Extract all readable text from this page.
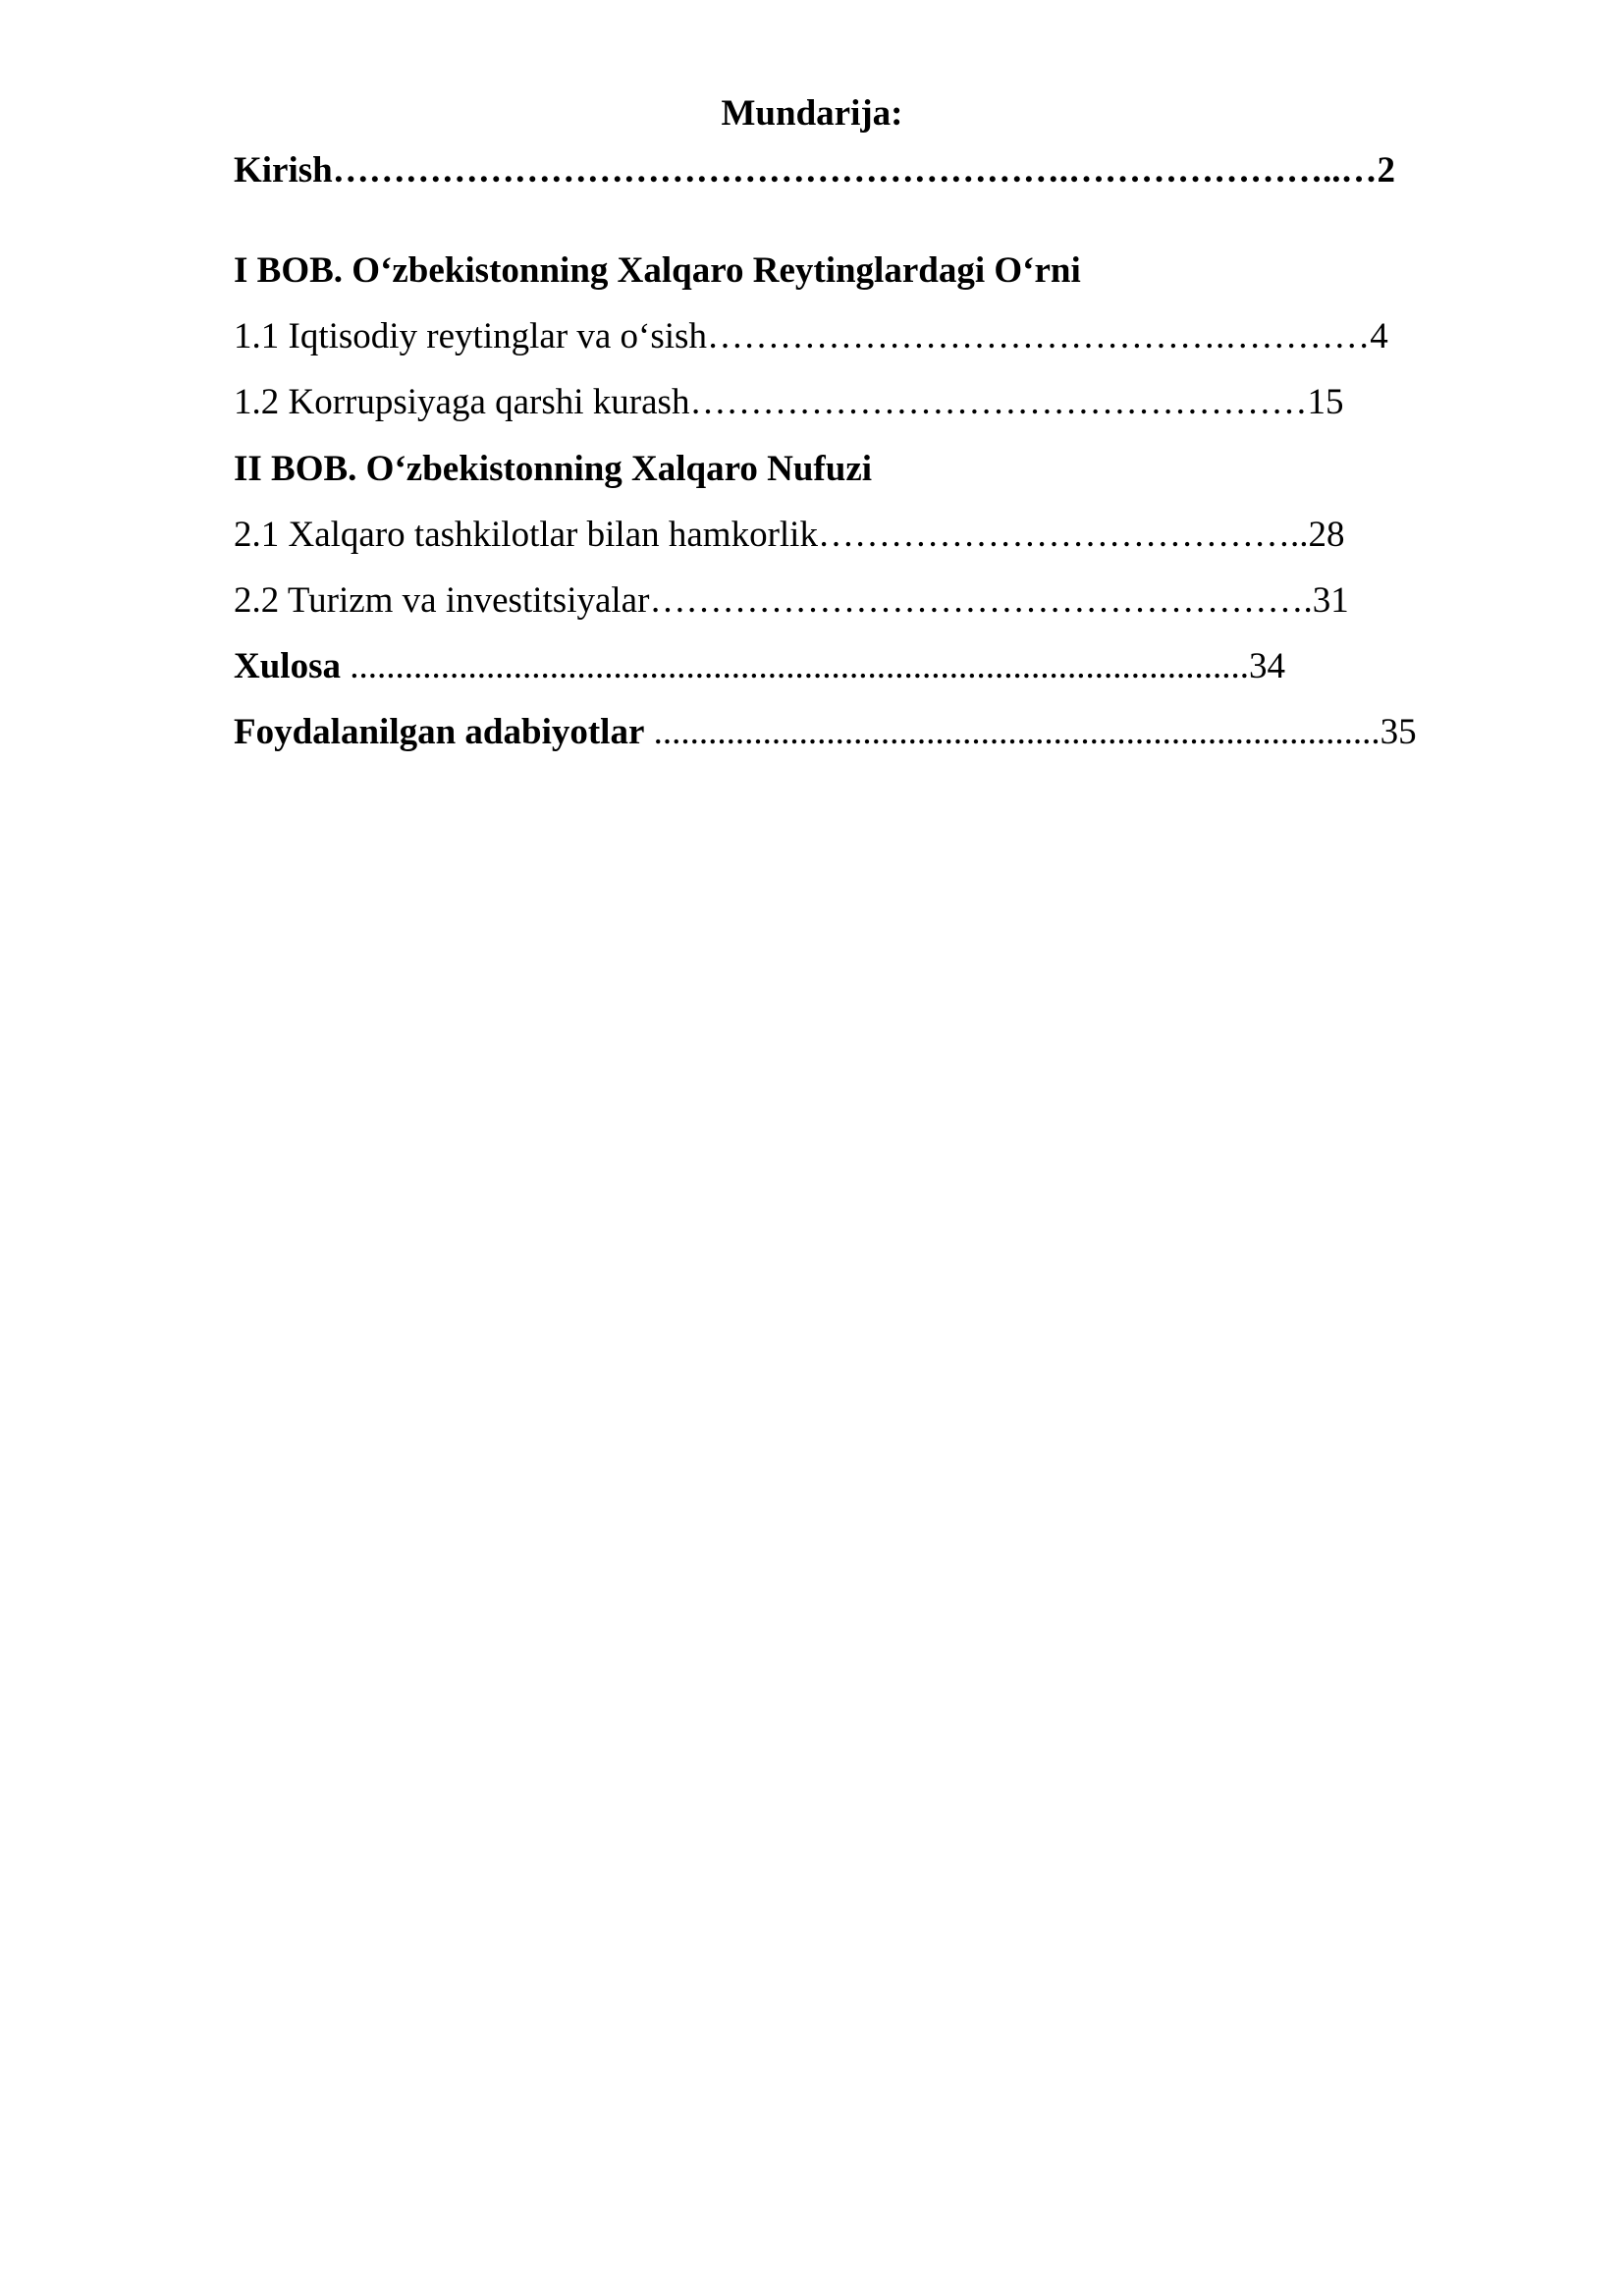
Mundarija:
Kirish…………………………………………………….…………………..…2
I BOB. O‘zbekistonning Xalqaro Reytinglardagi O‘rni
1.1 Iqtisodiy reytinglar va o‘sish…………………………………….…………4
1.2 Korrupsiyaga qarshi kurash……………………………………………15
II BOB. O‘zbekistonning Xalqaro Nufuzi
2.1 Xalqaro tashkilotlar bilan hamkorlik…………………………………..28
2.2 Turizm va investitsiyalar……………………………………………….31
Xulosa ...................................................................................................34
Foydalanilgan adabiyotlar ................................................................................35
